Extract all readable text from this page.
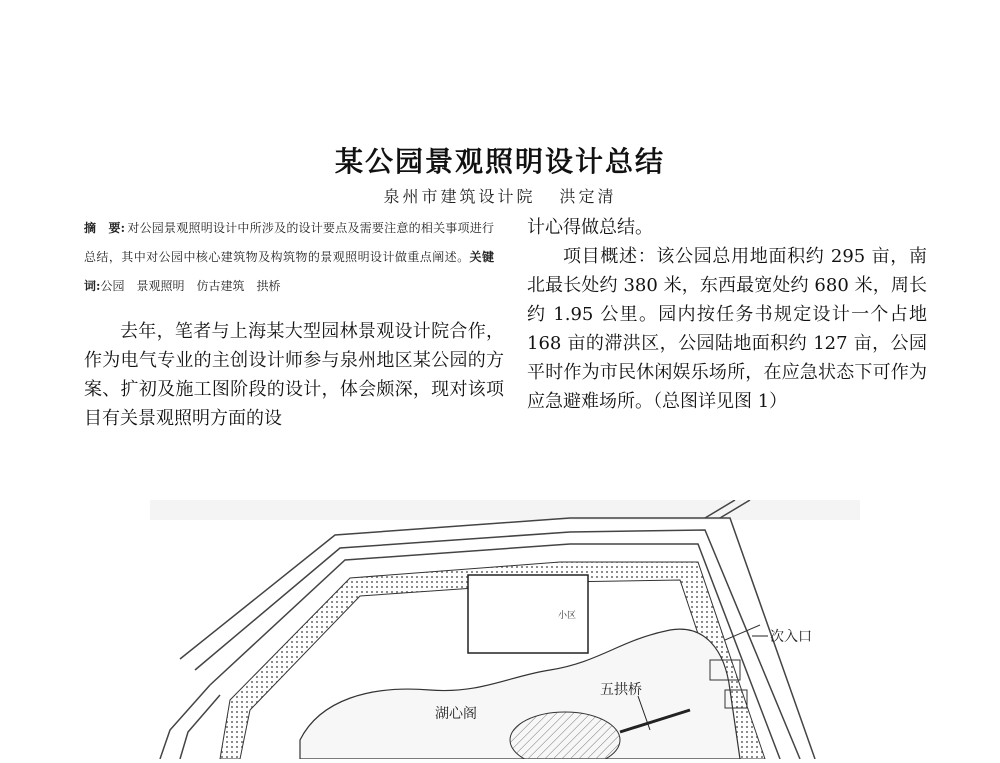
某公园景观照明设计总结
泉州市建筑设计院 洪定清
摘　要: 对公园景观照明设计中所涉及的设计要点及需要注意的相关事项进行总结，其中对公园中核心建筑物及构筑物的景观照明设计做重点阐述。关键词:公园　 景观照明　 仿古建筑　 拱桥

去年，笔者与上海某大型园林景观设计院合作，作为电气专业的主创设计师参与泉州地区某公园的方案、扩初及施工图阶段的设计，体会颇深，现对该项目有关景观照明方面的设

计心得做总结。

项目概述：该公园总用地面积约 295 亩，南北最长处约 380 米，东西最宽处约 680 米，周长约 1.95 公里。园内按任务书规定设计一个占地 168 亩的滞洪区，公园陆地面积约 127 亩，公园平时作为市民休闲娱乐场所，在应急状态下可作为应急避难场所。（总图详见图 1）

小区
次入口
五拱桥
湖心阁
